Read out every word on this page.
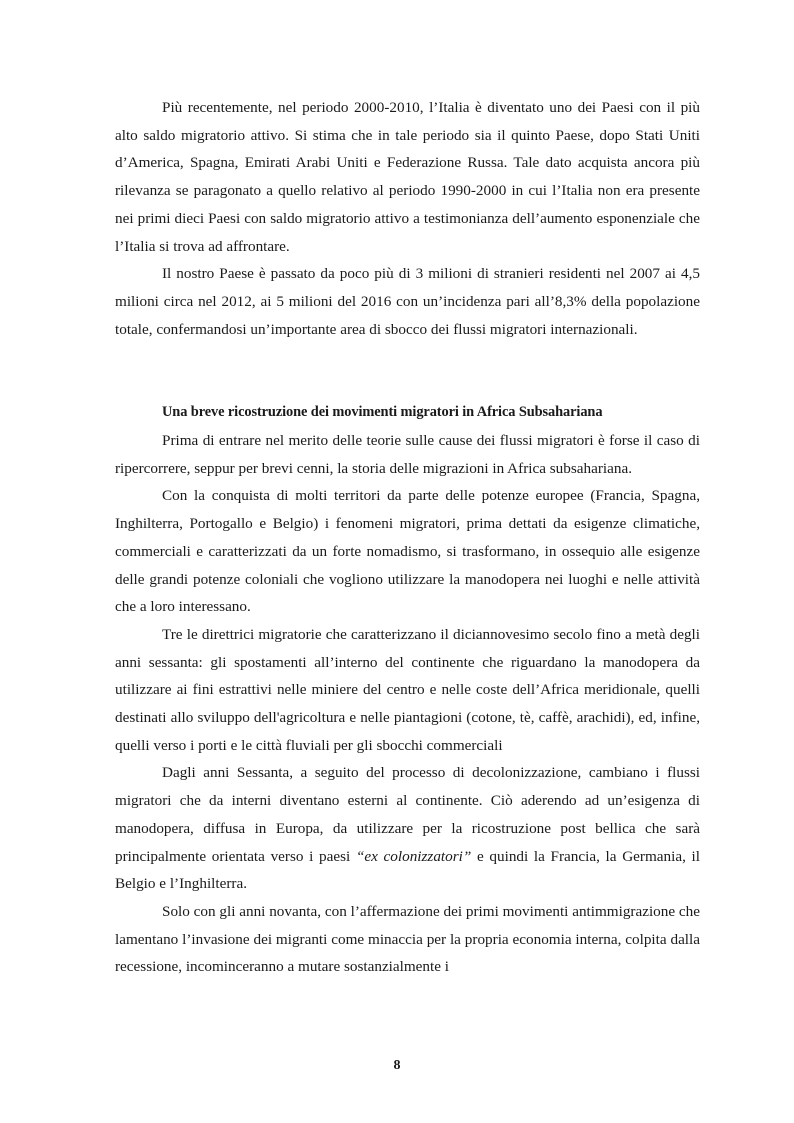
Più recentemente, nel periodo 2000-2010, l’Italia è diventato uno dei Paesi con il più alto saldo migratorio attivo. Si stima che in tale periodo sia il quinto Paese, dopo Stati Uniti d’America, Spagna, Emirati Arabi Uniti e Federazione Russa. Tale dato acquista ancora più rilevanza se paragonato a quello relativo al periodo 1990-2000 in cui l’Italia non era presente nei primi dieci Paesi con saldo migratorio attivo a testimonianza dell’aumento esponenziale che l’Italia si trova ad affrontare.

Il nostro Paese è passato da poco più di 3 milioni di stranieri residenti nel 2007 ai 4,5 milioni circa nel 2012, ai 5 milioni del 2016 con un’incidenza pari all’8,3% della popolazione totale, confermandosi un’importante area di sbocco dei flussi migratori internazionali.

Una breve ricostruzione dei movimenti migratori in Africa Subsahariana

Prima di entrare nel merito delle teorie sulle cause dei flussi migratori è forse il caso di ripercorrere, seppur per brevi cenni, la storia delle migrazioni in Africa subsahariana.

Con la conquista di molti territori da parte delle potenze europee (Francia, Spagna, Inghilterra, Portogallo e Belgio) i fenomeni migratori, prima dettati da esigenze climatiche, commerciali e caratterizzati da un forte nomadismo, si trasformano, in ossequio alle esigenze delle grandi potenze coloniali che vogliono utilizzare la manodopera nei luoghi e nelle attività che a loro interessano.

Tre le direttrici migratorie che caratterizzano il diciannovesimo secolo fino a metà degli anni sessanta: gli spostamenti all’interno del continente che riguardano la manodopera da utilizzare ai fini estrattivi nelle miniere del centro e nelle coste dell’Africa meridionale, quelli destinati allo sviluppo dell'agricoltura e nelle piantagioni (cotone, tè, caffè, arachidi), ed, infine, quelli verso i porti e le città fluviali per gli sbocchi commerciali

Dagli anni Sessanta, a seguito del processo di decolonizzazione, cambiano i flussi migratori che da interni diventano esterni al continente. Ciò aderendo ad un’esigenza di manodopera, diffusa in Europa, da utilizzare per la ricostruzione post bellica che sarà principalmente orientata verso i paesi “ex colonizzatori” e quindi la Francia, la Germania, il Belgio e l’Inghilterra.

Solo con gli anni novanta, con l’affermazione dei primi movimenti antimmigrazione che lamentano l’invasione dei migranti come minaccia per la propria economia interna, colpita dalla recessione, incominceranno a mutare sostanzialmente i

8
